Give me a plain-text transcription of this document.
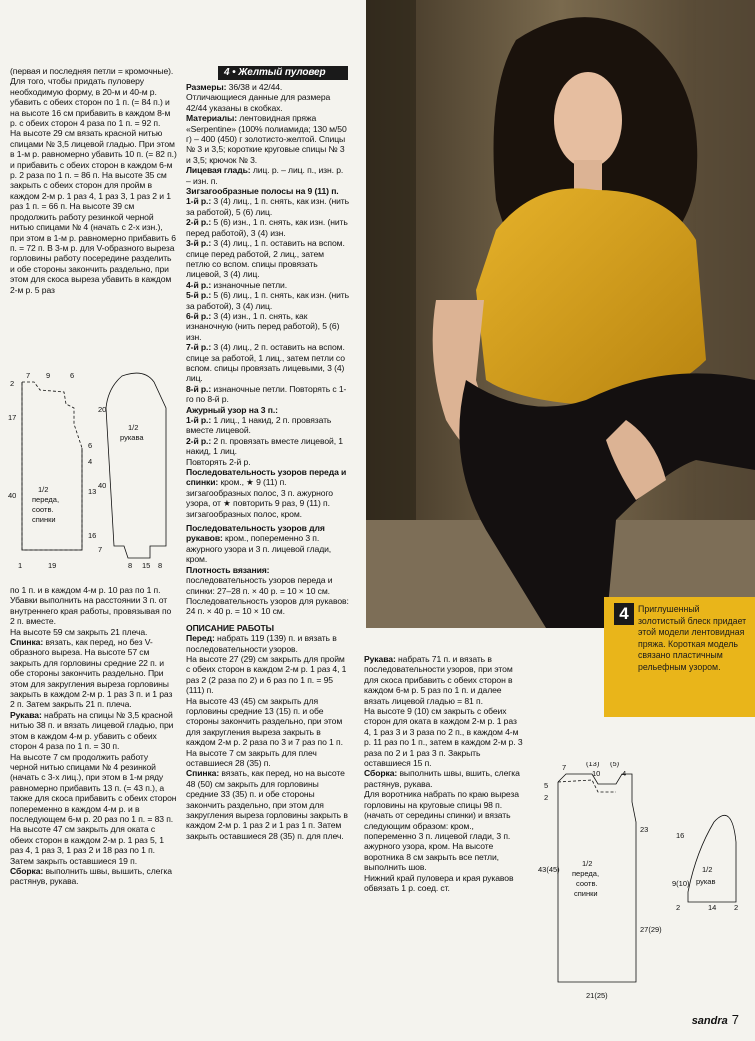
(первая и последняя петли = кромочные).

Для того, чтобы придать пуловеру необходимую форму, в 20-м и 40-м р. убавить с обеих сторон по 1 п. (= 84 п.) и на высоте 16 см прибавить в каждом 8-м р. с обеих сторон 4 раза по 1 п. = 92 п.

На высоте 29 см вязать красной нитью спицами № 3,5 лицевой гладью. При этом в 1-м р. равномерно убавить 10 п. (= 82 п.) и прибавить с обеих сторон в каждом 6-м р. 2 раза по 1 п. = 86 п. На высоте 35 см закрыть с обеих сторон для пройм в каждом 2-м р. 1 раз 4, 1 раз 3, 1 раз 2 и 1 раз 1 п. = 66 п. На высоте 39 см продолжить работу резинкой черной нитью спицами № 4 (начать с 2-х изн.), при этом в 1-м р. равномерно прибавить 6 п. = 72 п. В 3-м р. для V-образного выреза горловины работу посередине разделить и обе стороны закончить раздельно, при этом для скоса выреза убавить в каждом 2-м р. 5 раз

2
7 9	6
17
40
6
4
13
16
1	19
1/2
переда,
соотв.
спинки
20
40
7
1/2
рукава
8 15 8

по 1 п. и в каждом 4-м р. 10 раз по 1 п. Убавки выполнить на расстоянии 3 п. от внутреннего края работы, провязывая по 2 п. вместе.

На высоте 59 см закрыть 21 плеча.

Спинка: вязать, как перед, но без V-образного выреза. На высоте 57 см закрыть для горловины средние 22 п. и обе стороны закончить раздельно. При этом для закругления выреза горловины закрыть в каждом 2-м р. 1 раз 3 п. и 1 раз 2 п. Затем закрыть 21 п. плеча.

Рукава: набрать на спицы № 3,5 красной нитью 38 п. и вязать лицевой гладью, при этом в каждом 4-м р. убавить с обеих сторон 4 раза по 1 п. = 30 п.

На высоте 7 см продолжить работу черной нитью спицами № 4 резинкой (начать с 3-х лиц.), при этом в 1-м ряду равномерно прибавить 13 п. (= 43 п.), а также для скоса прибавить с обеих сторон попеременно в каждом 4-м р. и в последующем 6-м р. 20 раз по 1 п. = 83 п.

На высоте 47 см закрыть для оката с обеих сторон в каждом 2-м р. 1 раз 5, 1 раз 4, 1 раз 3, 1 раз 2 и 18 раз по 1 п. Затем закрыть оставшиеся 19 п.

Сборка: выполнить швы, вышить, слегка растянув, рукава.

4 • Желтый пуловер

Размеры: 36/38 и 42/44.

Отличающиеся данные для размера 42/44 указаны в скобках.

Материалы: лентовидная пряжа «Serpentine» (100% полиамида; 130 м/50 г) – 400 (450) г золотисто-желтой. Спицы № 3 и 3,5; короткие круговые спицы № 3 и 3,5; крючок № 3.

Лицевая гладь: лиц. р. – лиц. п., изн. р. – изн. п.

Зигзагообразные полосы на 9 (11) п.

1-й р.: 3 (4) лиц., 1 п. снять, как изн. (нить за работой), 5 (6) лиц.

2-й р.: 5 (6) изн., 1 п. снять, как изн. (нить перед работой), 3 (4) изн.

3-й р.: 3 (4) лиц., 1 п. оставить на вспом. спице перед работой, 2 лиц., затем петлю со вспом. спицы провязать лицевой, 3 (4) лиц.

4-й р.: изнаночные петли.

5-й р.: 5 (6) лиц., 1 п. снять, как изн. (нить за работой), 3 (4) лиц.

6-й р.: 3 (4) изн., 1 п. снять, как изнаночную (нить перед работой), 5 (6) изн.

7-й р.: 3 (4) лиц., 2 п. оставить на вспом. спице за работой, 1 лиц., затем петли со вспом. спицы провязать лицевыми, 3 (4) лиц.

8-й р.: изнаночные петли. Повторять с 1-го по 8-й р.

Ажурный узор на 3 п.:

1-й р.: 1 лиц., 1 накид, 2 п. провязать вместе лицевой.

2-й р.: 2 п. провязать вместе лицевой, 1 накид, 1 лиц.

Повторять 2-й р.

Последовательность узоров переда и спинки: кром., ★ 9 (11) п. зигзагообразных полос, 3 п. ажурного узора, от ★ повторить 9 раз, 9 (11) п. зигзагообразных полос, кром.

Последовательность узоров для рукавов: кром., попеременно 3 п. ажурного узора и 3 п. лицевой глади, кром.

Плотность вязания: последовательность узоров переда и спинки: 27–28 п. × 40 р. = 10 × 10 см.

Последовательность узоров для рукавов: 24 п. × 40 р. = 10 × 10 см.

ОПИСАНИЕ РАБОТЫ

Перед: набрать 119 (139) п. и вязать в последовательности узоров.

На высоте 27 (29) см закрыть для пройм с обеих сторон в каждом 2-м р. 1 раз 4, 1 раз 2 (2 раза по 2) и 6 раз по 1 п. = 95 (111) п.

На высоте 43 (45) см закрыть для горловины средние 13 (15) п. и обе стороны закончить раздельно, при этом для закругления выреза закрыть в каждом 2-м р. 2 раза по 3 и 7 раз по 1 п.

На высоте 7 см закрыть для плеч оставшиеся 28 (35) п.

Спинка: вязать, как перед, но на высоте 48 (50) см закрыть для горловины средние 33 (35) п. и обе стороны закончить раздельно, при этом для закругления выреза горловины закрыть в каждом 2-м р. 1 раз 2 и 1 раз 1 п. Затем закрыть оставшиеся 28 (35) п. для плеч.

4	Приглушенный золотистый блеск придает этой модели лентовидная пряжа. Короткая модель связано пластичным рельефным узором.

Рукава: набрать 71 п. и вязать в последовательности узоров, при этом для скоса прибавить с обеих сторон в каждом 6-м р. 5 раз по 1 п. и далее вязать лицевой гладью = 81 п.

На высоте 9 (10) см закрыть с обеих сторон для оката в каждом 2-м р. 1 раз 4, 1 раз 3 и 3 раза по 2 п., в каждом 4-м р. 11 раз по 1 п., затем в каждом 2-м р. 3 раза по 2 и 1 раз 3 п. Закрыть оставшиеся 15 п.

Сборка: выполнить швы, вшить, слегка растянув, рукава.

Для воротника набрать по краю выреза горловины на круговые спицы 98 п. (начать от середины спинки) и вязать следующим образом: кром., попеременно 3 п. лицевой глади, 3 п. ажурного узора, кром. На высоте воротника 8 см закрыть все петли, выполнить шов.

Нижний край пуловера и края рукавов обвязать 1 р. соед. ст.

7	(13)
10
(5)
4
5
2
43(45)
23
27(29)
1/2
переда,
соотв.
спинки
21(25)
16
9(10)
1/2
рукав
2	14 2
sandra 7
